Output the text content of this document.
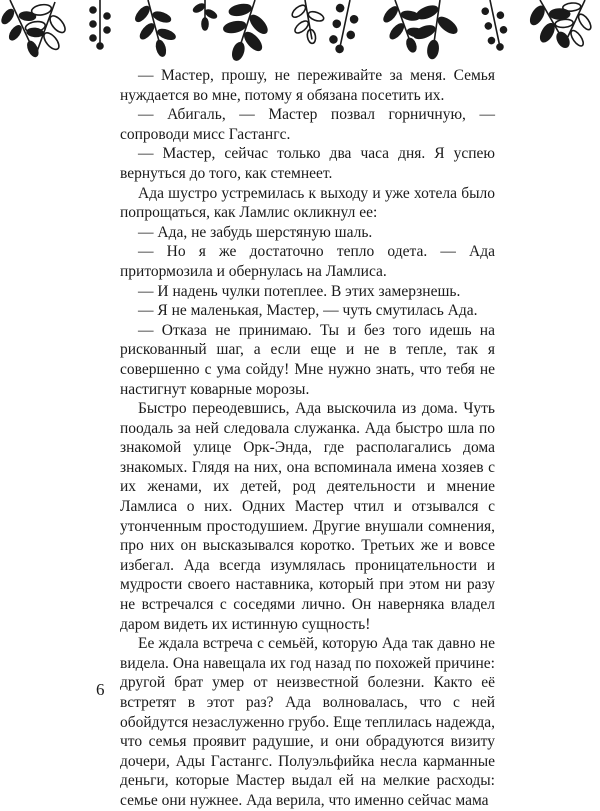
— Мастер, прошу, не переживайте за меня. Семья нуждается во мне, потому я обязана посетить их.

— Абигаль, — Мастер позвал горничную, — сопроводи мисс Гастангс.

— Мастер, сейчас только два часа дня. Я успею вернуться до того, как стемнеет.

Ада шустро устремилась к выходу и уже хотела было попрощаться, как Ламлис окликнул ее:

— Ада, не забудь шерстяную шаль.

— Но я же достаточно тепло одета. — Ада притормозила и обернулась на Ламлиса.

— И надень чулки потеплее. В этих замерзнешь.

— Я не маленькая, Мастер, — чуть смутилась Ада.

— Отказа не принимаю. Ты и без того идешь на рискованный шаг, а если еще и не в тепле, так я совершенно с ума сойду! Мне нужно знать, что тебя не настигнут коварные морозы.

Быстро переодевшись, Ада выскочила из дома. Чуть поодаль за ней следовала служанка. Ада быстро шла по знакомой улице Орк-Энда, где располагались дома знакомых. Глядя на них, она вспоминала имена хозяев с их женами, их детей, род деятельности и мнение Ламлиса о них. Одних Мастер чтил и отзывался с утонченным простодушием. Другие внушали сомнения, про них он высказывался коротко. Третьих же и вовсе избегал. Ада всегда изумлялась проницательности и мудрости своего наставника, который при этом ни разу не встречался с соседями лично. Он наверняка владел даром видеть их истинную сущность!

Ее ждала встреча с семьёй, которую Ада так давно не видела. Она навещала их год назад по похожей причине: другой брат умер от неизвестной болезни. Както её встретят в этот раз? Ада волновалась, что с ней обойдутся незаслуженно грубо. Еще теплилась надежда, что семья проявит радушие, и они обрадуются визиту дочери, Ады Гастангс. Полуэльфийка несла карманные деньги, которые Мастер выдал ей на мелкие расходы: семье они нужнее. Ада верила, что именно сейчас мама

6
